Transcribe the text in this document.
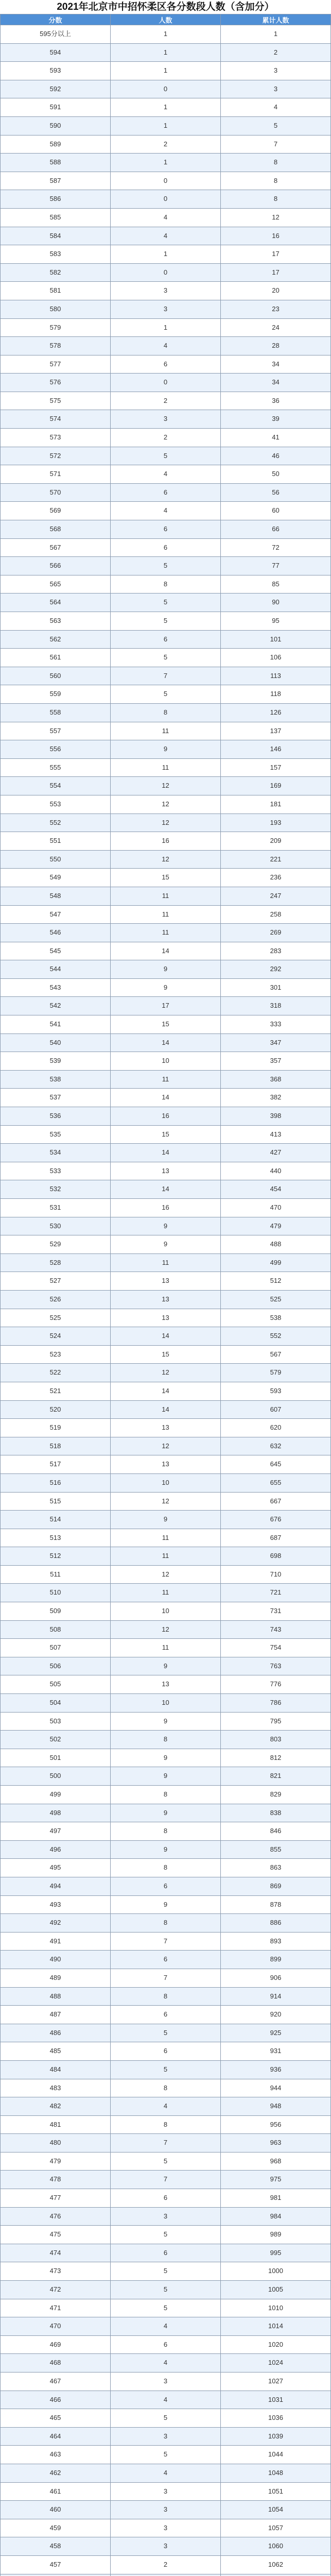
2021年北京市中招怀柔区各分数段人数（含加分）
分数	人数	累计人数
595分以上	1	1
594	1	2
593	1	3
592	0	3
591	1	4
590	1	5
589	2	7
588	1	8
587	0	8
586	0	8
585	4	12
584	4	16
583	1	17
582	0	17
581	3	20
580	3	23
579	1	24
578	4	28
577	6	34
576	0	34
575	2	36
574	3	39
573	2	41
572	5	46
571	4	50
570	6	56
569	4	60
568	6	66
567	6	72
566	5	77
565	8	85
564	5	90
563	5	95
562	6	101
561	5	106
560	7	113
559	5	118
558	8	126
557	11	137
556	9	146
555	11	157
554	12	169
553	12	181
552	12	193
551	16	209
550	12	221
549	15	236
548	11	247
547	11	258
546	11	269
545	14	283
544	9	292
543	9	301
542	17	318
541	15	333
540	14	347
539	10	357
538	11	368
537	14	382
536	16	398
535	15	413
534	14	427
533	13	440
532	14	454
531	16	470
530	9	479
529	9	488
528	11	499
527	13	512
526	13	525
525	13	538
524	14	552
523	15	567
522	12	579
521	14	593
520	14	607
519	13	620
518	12	632
517	13	645
516	10	655
515	12	667
514	9	676
513	11	687
512	11	698
511	12	710
510	11	721
509	10	731
508	12	743
507	11	754
506	9	763
505	13	776
504	10	786
503	9	795
502	8	803
501	9	812
500	9	821
499	8	829
498	9	838
497	8	846
496	9	855
495	8	863
494	6	869
493	9	878
492	8	886
491	7	893
490	6	899
489	7	906
488	8	914
487	6	920
486	5	925
485	6	931
484	5	936
483	8	944
482	4	948
481	8	956
480	7	963
479	5	968
478	7	975
477	6	981
476	3	984
475	5	989
474	6	995
473	5	1000
472	5	1005
471	5	1010
470	4	1014
469	6	1020
468	4	1024
467	3	1027
466	4	1031
465	5	1036
464	3	1039
463	5	1044
462	4	1048
461	3	1051
460	3	1054
459	3	1057
458	3	1060
457	2	1062
